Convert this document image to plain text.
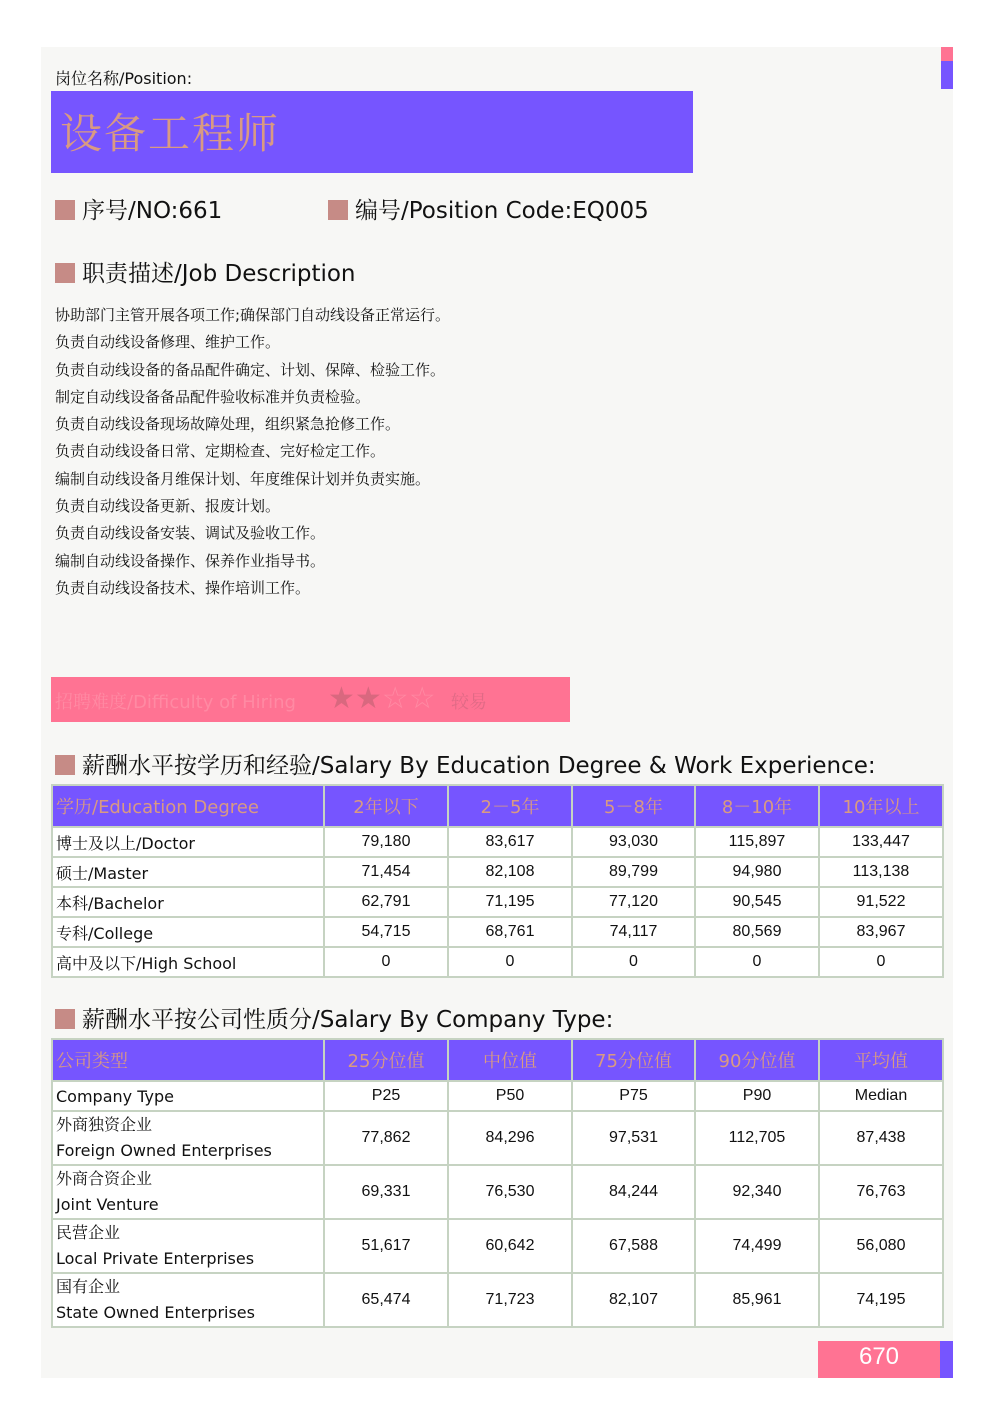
岗位名称/Position:
设备工程师
序号/NO:661	编号/Position Code:EQ005
职责描述/Job Description
协助部门主管开展各项工作;确保部门自动线设备正常运行。
负责自动线设备修理、维护工作。
负责自动线设备的备品配件确定、计划、保障、检验工作。
制定自动线设备备品配件验收标准并负责检验。
负责自动线设备现场故障处理，组织紧急抢修工作。
负责自动线设备日常、定期检查、完好检定工作。
编制自动线设备月维保计划、年度维保计划并负责实施。
负责自动线设备更新、报废计划。
负责自动线设备安装、调试及验收工作。
编制自动线设备操作、保养作业指导书。
负责自动线设备技术、操作培训工作。
招聘难度/Difficulty of Hiring ★★☆☆ 较易
薪酬水平按学历和经验/Salary By Education Degree & Work Experience:
学历/Education Degree	2年以下	2－5年	5－8年	8－10年	10年以上
博士及以上/Doctor	79,180	83,617	93,030	115,897	133,447
硕士/Master	71,454	82,108	89,799	94,980	113,138
本科/Bachelor	62,791	71,195	77,120	90,545	91,522
专科/College	54,715	68,761	74,117	80,569	83,967
高中及以下/High School	0	0	0	0	0
薪酬水平按公司性质分/Salary By Company Type:
公司类型	25分位值	中位值	75分位值	90分位值	平均值
Company Type	P25	P50	P75	P90	Median

外商独资企业
Foreign Owned Enterprises	77,862	84,296	97,531	112,705	87,438

外商合资企业
Joint Venture	69,331	76,530	84,244	92,340	76,763

民营企业
Local Private Enterprises	51,617	60,642	67,588	74,499	56,080

国有企业
State Owned Enterprises	65,474	71,723	82,107	85,961	74,195
670
